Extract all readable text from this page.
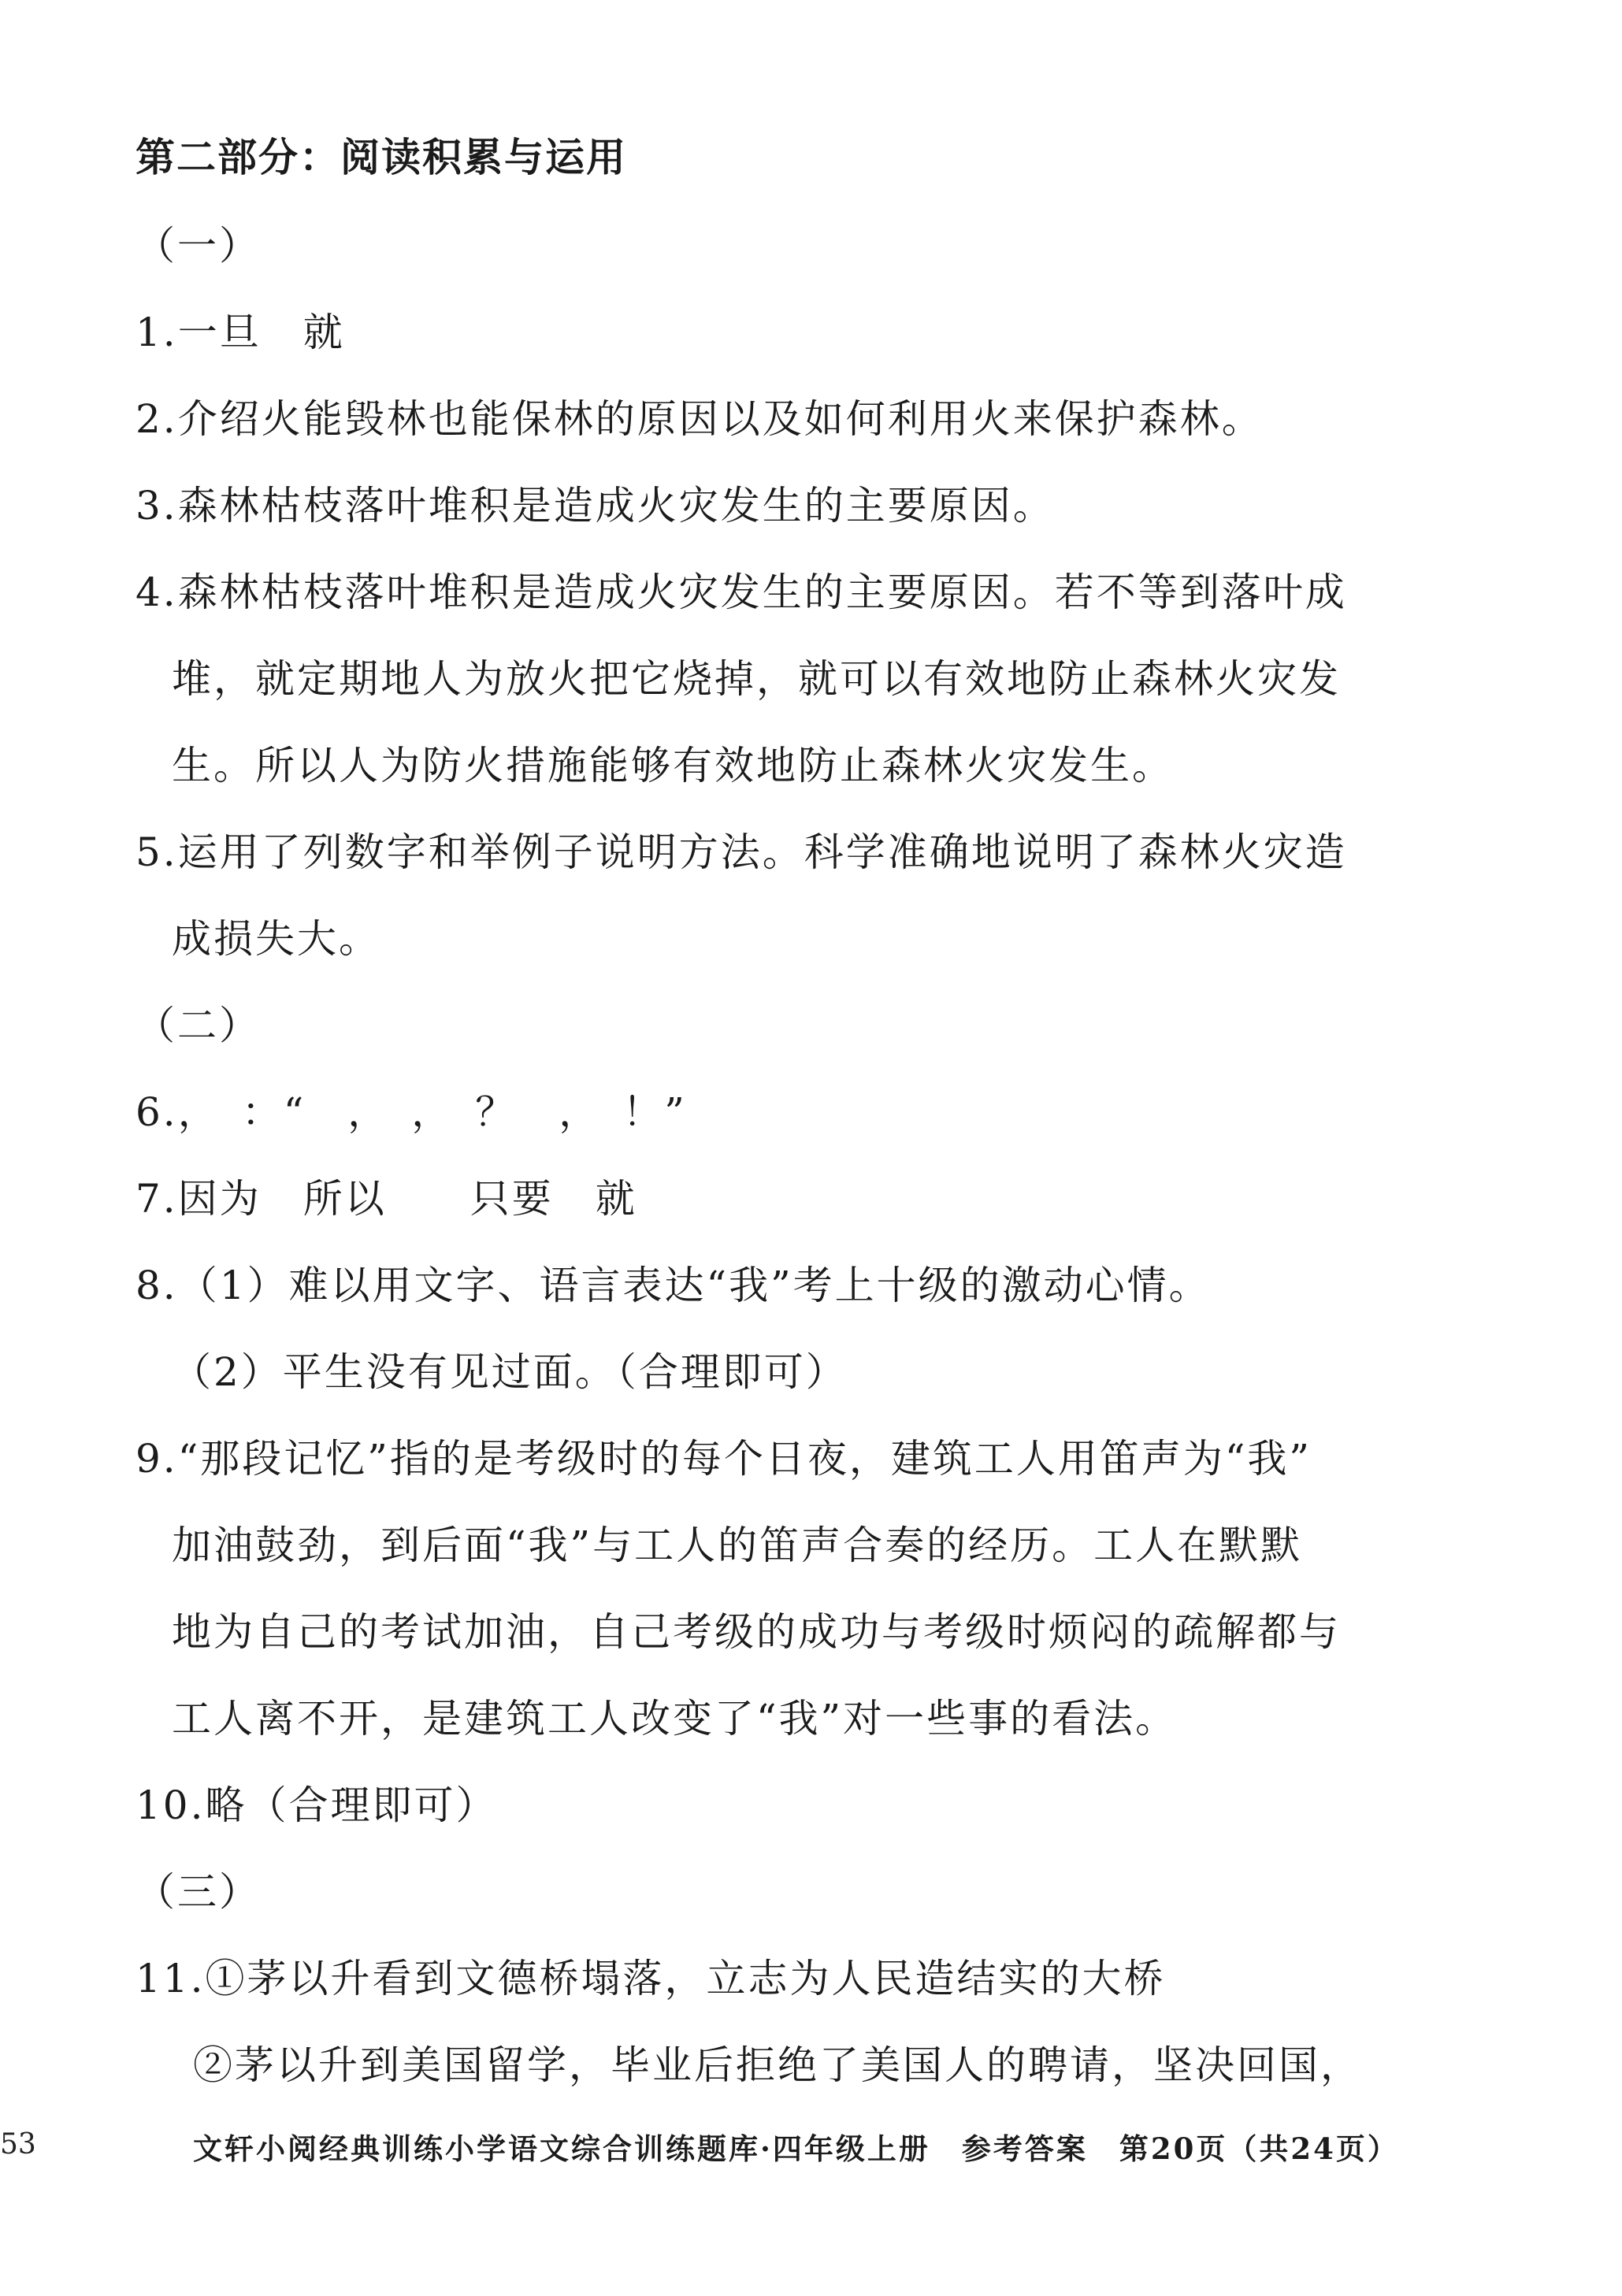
第二部分：阅读积累与运用
（一）
1.一旦　就
2.介绍火能毁林也能保林的原因以及如何利用火来保护森林。
3.森林枯枝落叶堆积是造成火灾发生的主要原因。
4.森林枯枝落叶堆积是造成火灾发生的主要原因。若不等到落叶成
堆，就定期地人为放火把它烧掉，就可以有效地防止森林火灾发
生。所以人为防火措施能够有效地防止森林火灾发生。
5.运用了列数字和举例子说明方法。科学准确地说明了森林火灾造
成损失大。
（二）
6.，　：“　，　，　？　，　！”
7.因为　所以　　只要　就
8.（1）难以用文字、语言表达“我”考上十级的激动心情。
（2）平生没有见过面。（合理即可）
9.“那段记忆”指的是考级时的每个日夜，建筑工人用笛声为“我”
加油鼓劲，到后面“我”与工人的笛声合奏的经历。工人在默默
地为自己的考试加油，自己考级的成功与考级时烦闷的疏解都与
工人离不开，是建筑工人改变了“我”对一些事的看法。
10.略（合理即可）
（三）
11.①茅以升看到文德桥塌落，立志为人民造结实的大桥
②茅以升到美国留学，毕业后拒绝了美国人的聘请，坚决回国，
53	文轩小阅经典训练小学语文综合训练题库·四年级上册　参考答案　第20页（共24页）
